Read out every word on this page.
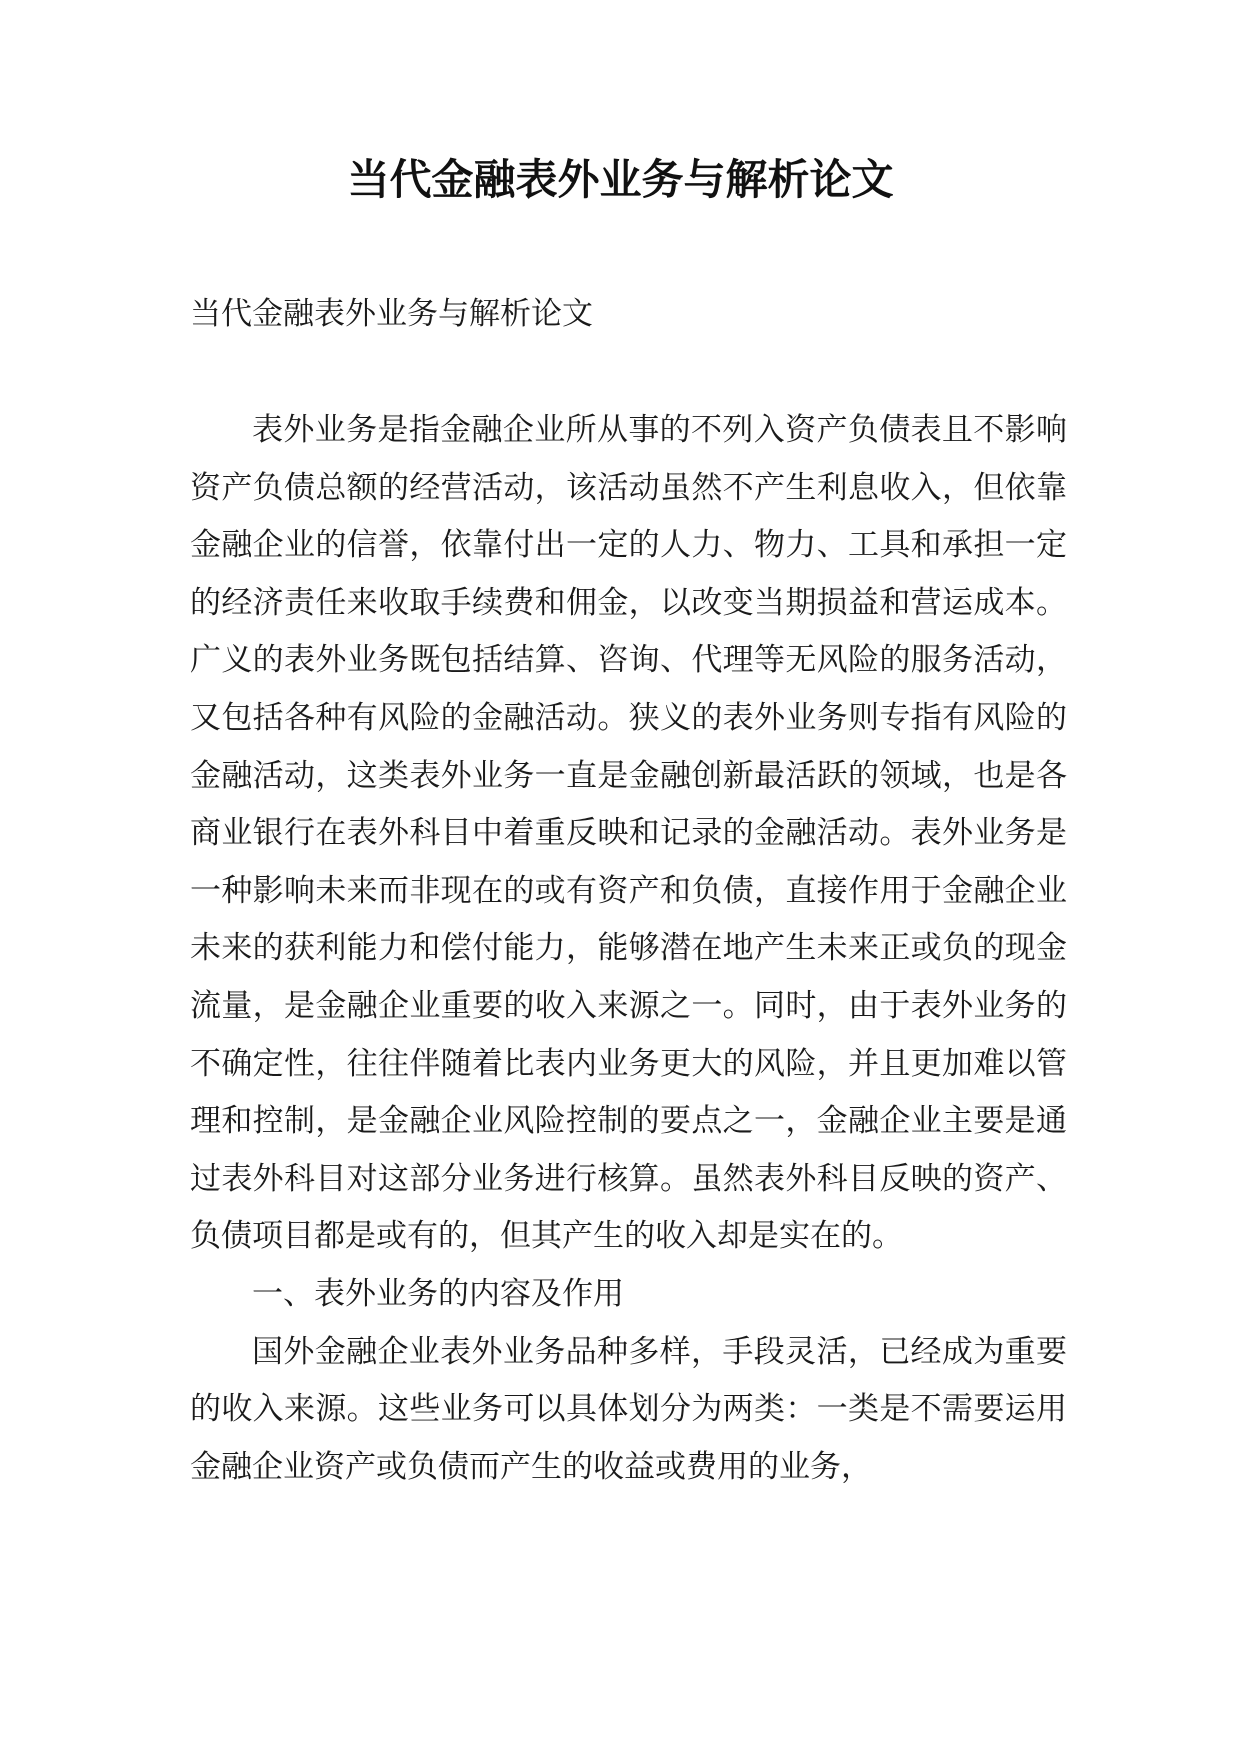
当代金融表外业务与解析论文

当代金融表外业务与解析论文

表外业务是指金融企业所从事的不列入资产负债表且不影响资产负债总额的经营活动，该活动虽然不产生利息收入，但依靠金融企业的信誉，依靠付出一定的人力、物力、工具和承担一定的经济责任来收取手续费和佣金，以改变当期损益和营运成本。广义的表外业务既包括结算、咨询、代理等无风险的服务活动，又包括各种有风险的金融活动。狭义的表外业务则专指有风险的金融活动，这类表外业务一直是金融创新最活跃的领域，也是各商业银行在表外科目中着重反映和记录的金融活动。表外业务是一种影响未来而非现在的或有资产和负债，直接作用于金融企业未来的获利能力和偿付能力，能够潜在地产生未来正或负的现金流量，是金融企业重要的收入来源之一。同时，由于表外业务的不确定性，往往伴随着比表内业务更大的风险，并且更加难以管理和控制，是金融企业风险控制的要点之一，金融企业主要是通过表外科目对这部分业务进行核算。虽然表外科目反映的资产、负债项目都是或有的，但其产生的收入却是实在的。

一、表外业务的内容及作用

国外金融企业表外业务品种多样，手段灵活，已经成为重要的收入来源。这些业务可以具体划分为两类：一类是不需要运用金融企业资产或负债而产生的收益或费用的业务，
